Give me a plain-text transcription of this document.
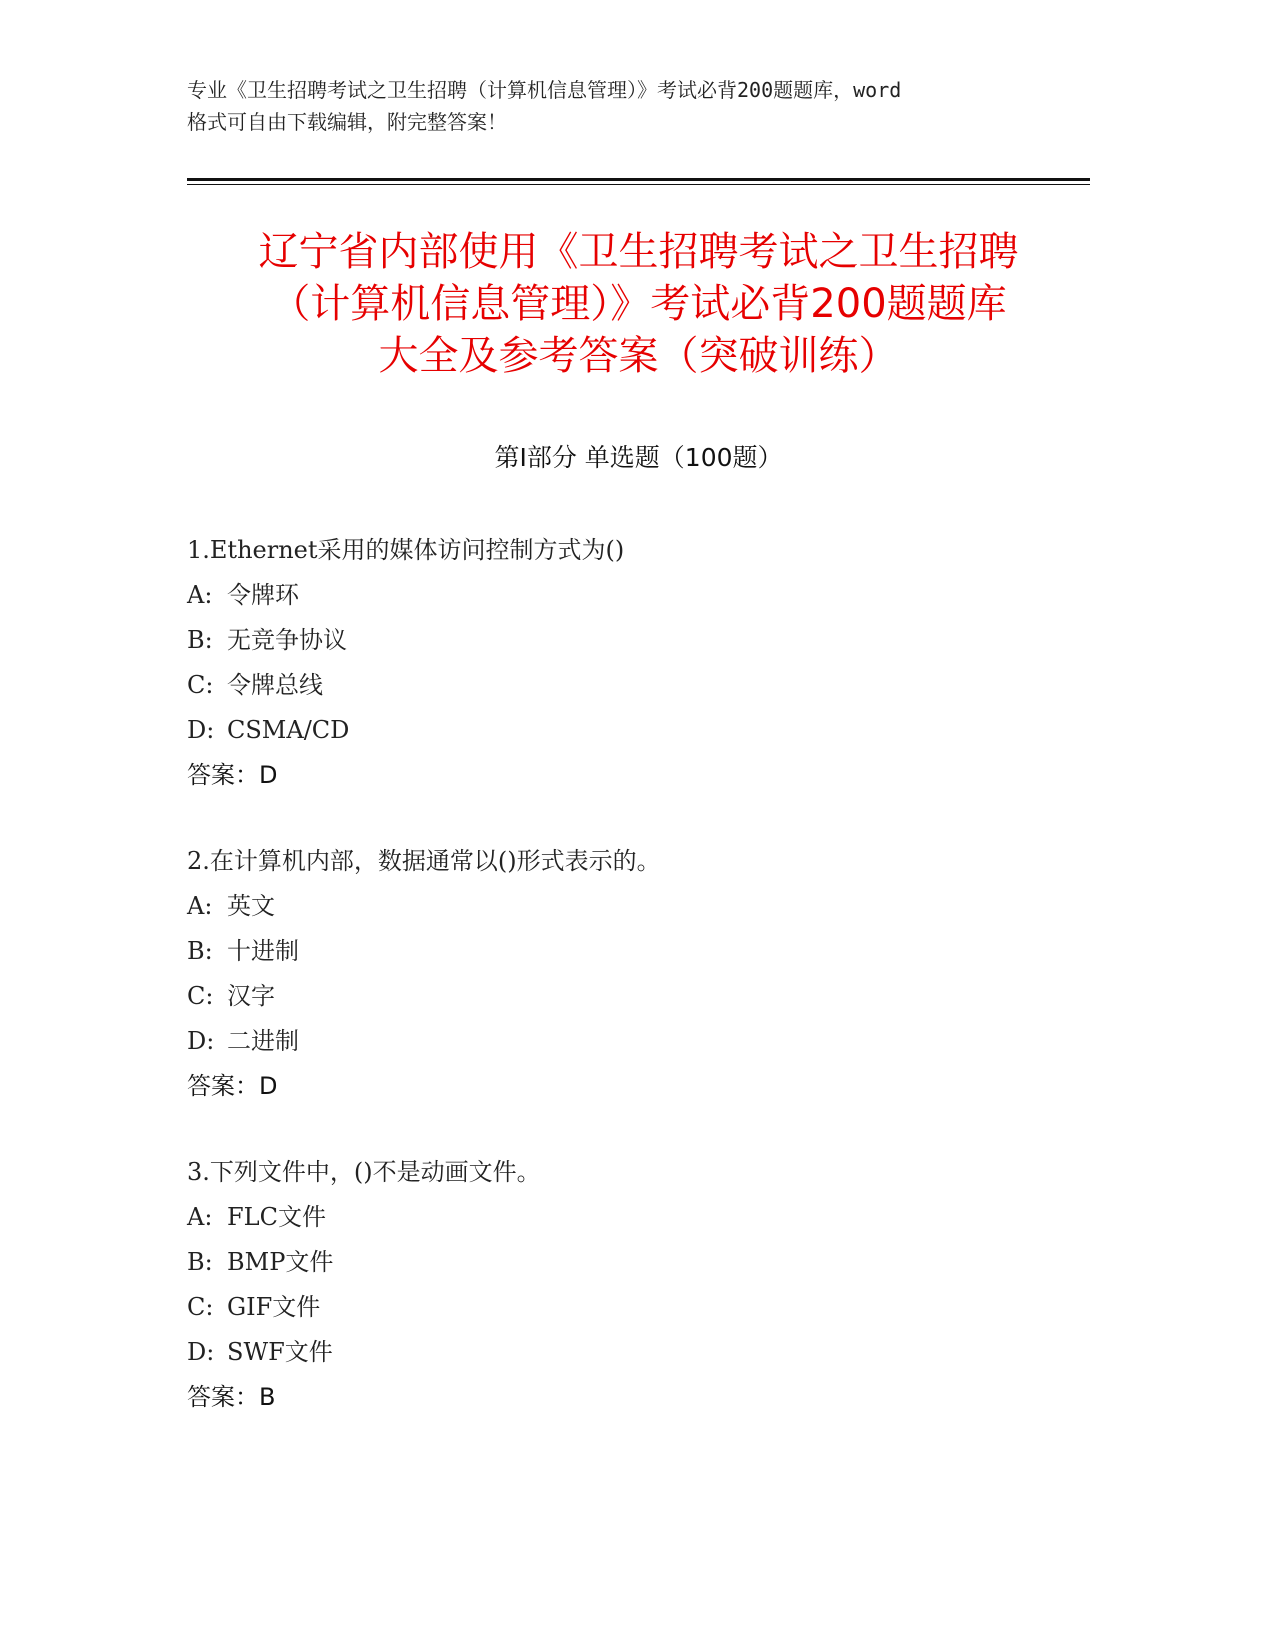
专业《卫生招聘考试之卫生招聘（计算机信息管理）》考试必背200题题库，word
格式可自由下载编辑，附完整答案！
辽宁省内部使用《卫生招聘考试之卫生招聘
（计算机信息管理）》考试必背200题题库
大全及参考答案（突破训练）
第Ⅰ部分 单选题（100题）
1.Ethernet采用的媒体访问控制方式为()
A: 令牌环
B: 无竞争协议
C: 令牌总线
D: CSMA/CD
答案：D
2.在计算机内部，数据通常以()形式表示的。
A: 英文
B: 十进制
C: 汉字
D: 二进制
答案：D
3.下列文件中，()不是动画文件。
A: FLC文件
B: BMP文件
C: GIF文件
D: SWF文件
答案：B
